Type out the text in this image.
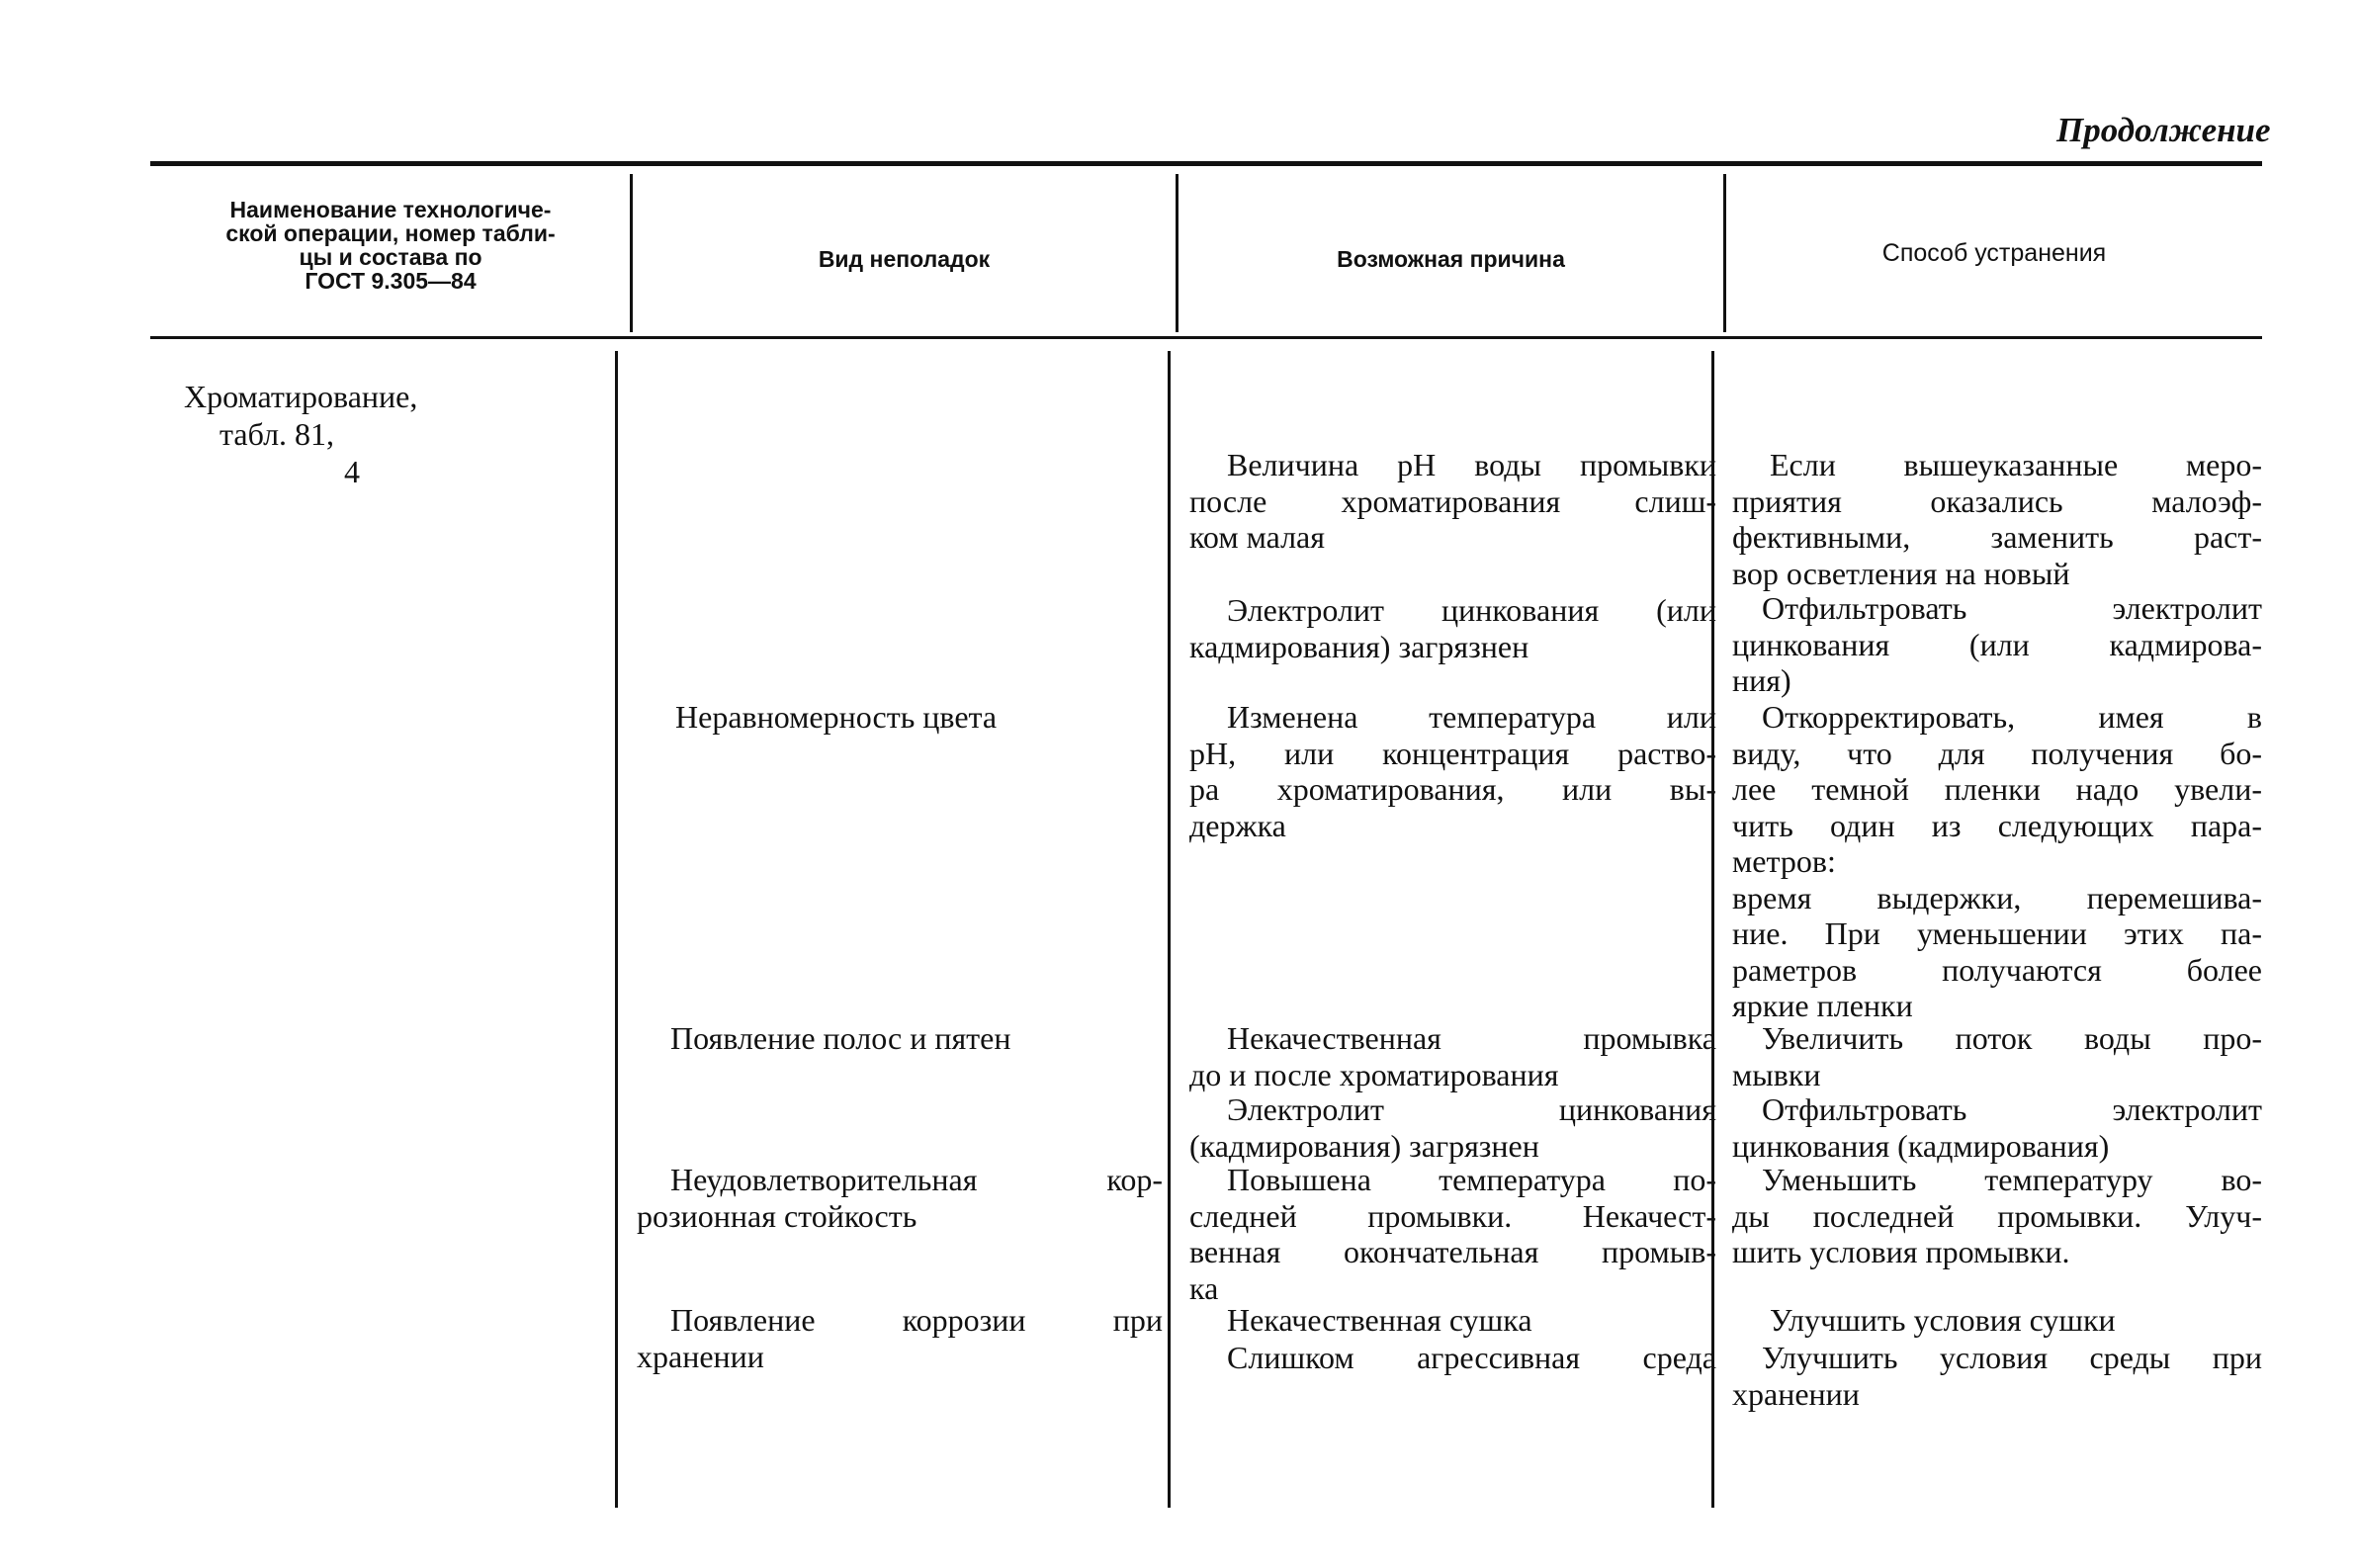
Продолжение
Наименование технологиче-
ской операции, номер табли-
цы и состава по
ГОСТ 9.305—84
Вид неполадок	Возможная причина	Способ устранения
Хроматирование,
табл. 81,
4
Неравномерность цвета
Появление полос и пятен
Неудовлетворительная кор-
розионная стойкость
Появление коррозии при
хранении
Величина pH воды промывки
после хроматирования слиш-
ком малая
Электролит цинкования (или
кадмирования) загрязнен
Изменена температура или
pH, или концентрация раство-
ра хроматирования, или вы-
держка
Некачественная промывка
до и после хроматирования
Электролит цинкования
(кадмирования) загрязнен
Повышена температура по-
следней промывки. Некачест-
венная окончательная промыв-
ка
Некачественная сушка
Слишком агрессивная среда
Если вышеуказанные меро-
приятия оказались малоэф-
фективными, заменить раст-
вор осветления на новый
Отфильтровать электролит
цинкования (или кадмирова-
ния)
Откорректировать, имея в
виду, что для получения бо-
лее темной пленки надо увели-
чить один из следующих пара-
метров:
время выдержки, перемешива-
ние. При уменьшении этих па-
раметров получаются более
яркие пленки
Увеличить поток воды про-
мывки
Отфильтровать электролит
цинкования (кадмирования)
Уменьшить температуру во-
ды последней промывки. Улуч-
шить условия промывки.
Улучшить условия сушки
Улучшить условия среды при
хранении
